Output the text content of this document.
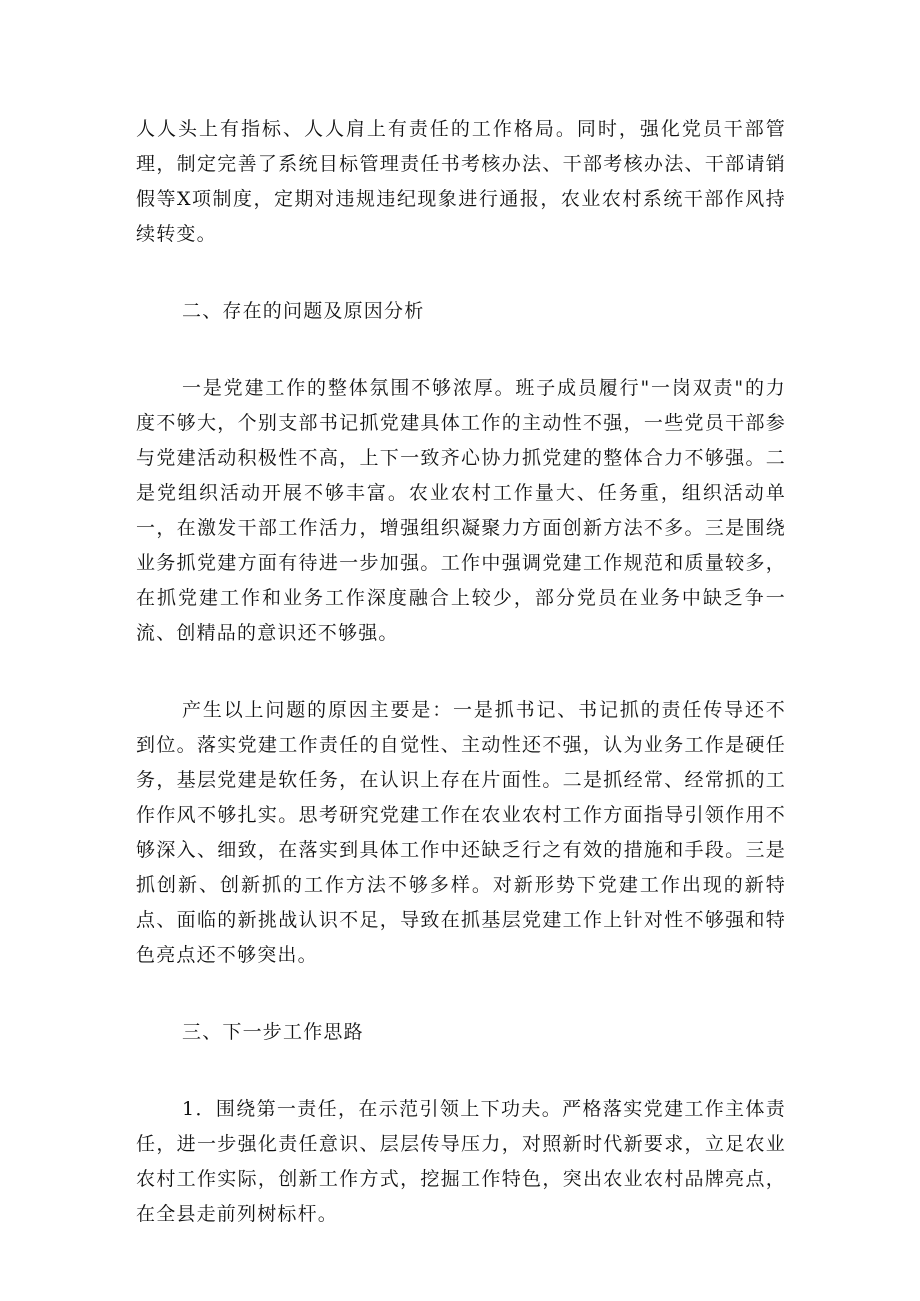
人人头上有指标、人人肩上有责任的工作格局。同时，强化党员干部管理，制定完善了系统目标管理责任书考核办法、干部考核办法、干部请销假等X项制度，定期对违规违纪现象进行通报，农业农村系统干部作风持续转变。

二、存在的问题及原因分析

一是党建工作的整体氛围不够浓厚。班子成员履行"一岗双责"的力度不够大，个别支部书记抓党建具体工作的主动性不强，一些党员干部参与党建活动积极性不高，上下一致齐心协力抓党建的整体合力不够强。二是党组织活动开展不够丰富。农业农村工作量大、任务重，组织活动单一，在激发干部工作活力，增强组织凝聚力方面创新方法不多。三是围绕业务抓党建方面有待进一步加强。工作中强调党建工作规范和质量较多，在抓党建工作和业务工作深度融合上较少，部分党员在业务中缺乏争一流、创精品的意识还不够强。

产生以上问题的原因主要是：一是抓书记、书记抓的责任传导还不到位。落实党建工作责任的自觉性、主动性还不强，认为业务工作是硬任务，基层党建是软任务，在认识上存在片面性。二是抓经常、经常抓的工作作风不够扎实。思考研究党建工作在农业农村工作方面指导引领作用不够深入、细致，在落实到具体工作中还缺乏行之有效的措施和手段。三是抓创新、创新抓的工作方法不够多样。对新形势下党建工作出现的新特点、面临的新挑战认识不足，导致在抓基层党建工作上针对性不够强和特色亮点还不够突出。

三、下一步工作思路

1．围绕第一责任，在示范引领上下功夫。严格落实党建工作主体责任，进一步强化责任意识、层层传导压力，对照新时代新要求，立足农业农村工作实际，创新工作方式，挖掘工作特色，突出农业农村品牌亮点，在全县走前列树标杆。
